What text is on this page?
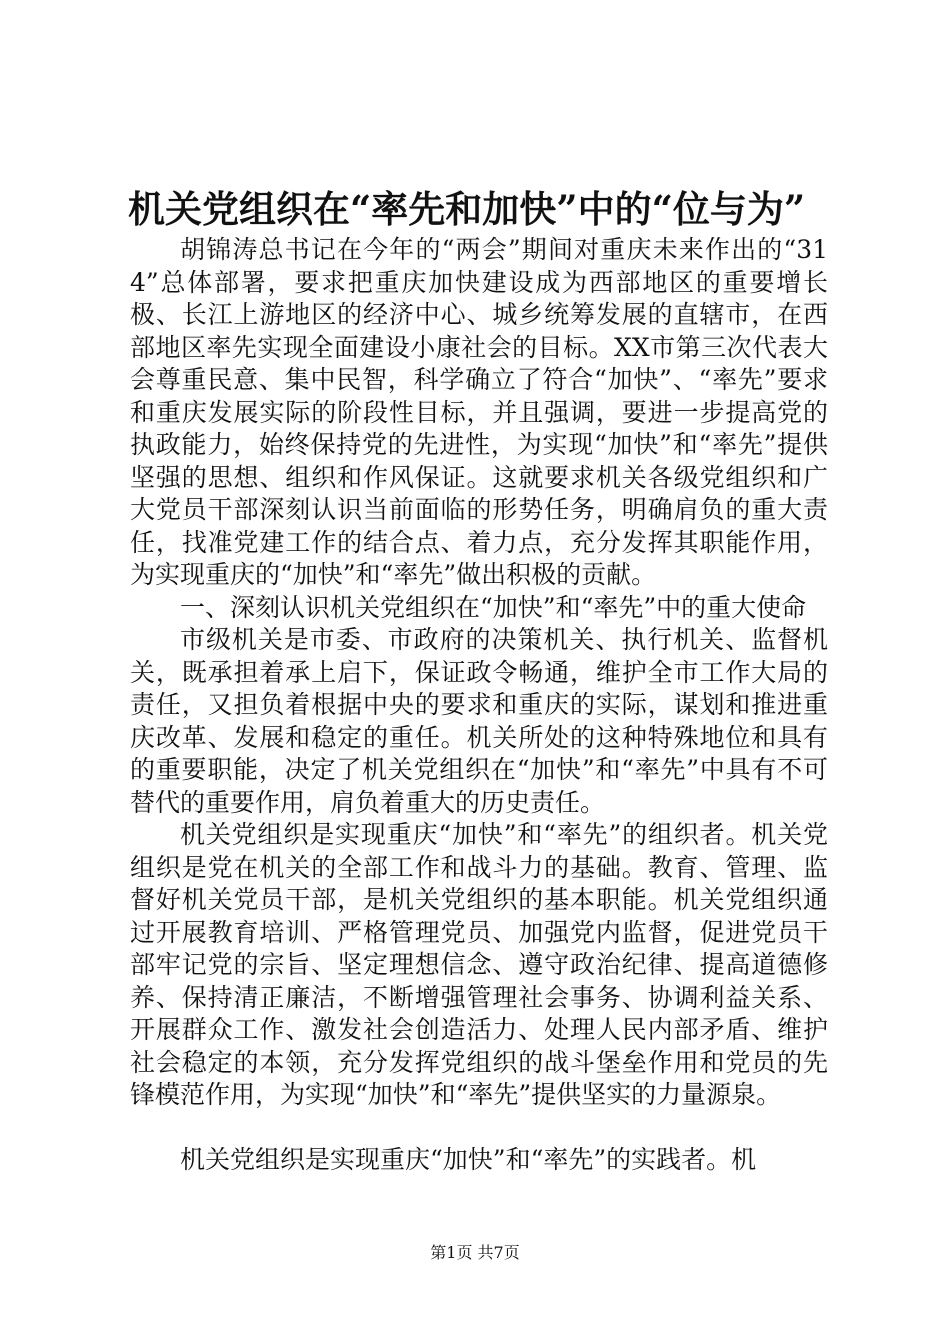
机关党组织在“率先和加快”中的“位与为”

胡锦涛总书记在今年的“两会”期间对重庆未来作出的“314”总体部署，要求把重庆加快建设成为西部地区的重要增长极、长江上游地区的经济中心、城乡统筹发展的直辖市，在西部地区率先实现全面建设小康社会的目标。XX市第三次代表大会尊重民意、集中民智，科学确立了符合“加快”、“率先”要求和重庆发展实际的阶段性目标，并且强调，要进一步提高党的执政能力，始终保持党的先进性，为实现“加快”和“率先”提供坚强的思想、组织和作风保证。这就要求机关各级党组织和广大党员干部深刻认识当前面临的形势任务，明确肩负的重大责任，找准党建工作的结合点、着力点，充分发挥其职能作用，为实现重庆的“加快”和“率先”做出积极的贡献。

一、深刻认识机关党组织在“加快”和“率先”中的重大使命

市级机关是市委、市政府的决策机关、执行机关、监督机关，既承担着承上启下，保证政令畅通，维护全市工作大局的责任，又担负着根据中央的要求和重庆的实际，谋划和推进重庆改革、发展和稳定的重任。机关所处的这种特殊地位和具有的重要职能，决定了机关党组织在“加快”和“率先”中具有不可替代的重要作用，肩负着重大的历史责任。

机关党组织是实现重庆“加快”和“率先”的组织者。机关党组织是党在机关的全部工作和战斗力的基础。教育、管理、监督好机关党员干部，是机关党组织的基本职能。机关党组织通过开展教育培训、严格管理党员、加强党内监督，促进党员干部牢记党的宗旨、坚定理想信念、遵守政治纪律、提高道德修养、保持清正廉洁，不断增强管理社会事务、协调利益关系、开展群众工作、激发社会创造活力、处理人民内部矛盾、维护社会稳定的本领，充分发挥党组织的战斗堡垒作用和党员的先锋模范作用，为实现“加快”和“率先”提供坚实的力量源泉。

机关党组织是实现重庆“加快”和“率先”的实践者。机

第1页 共7页
